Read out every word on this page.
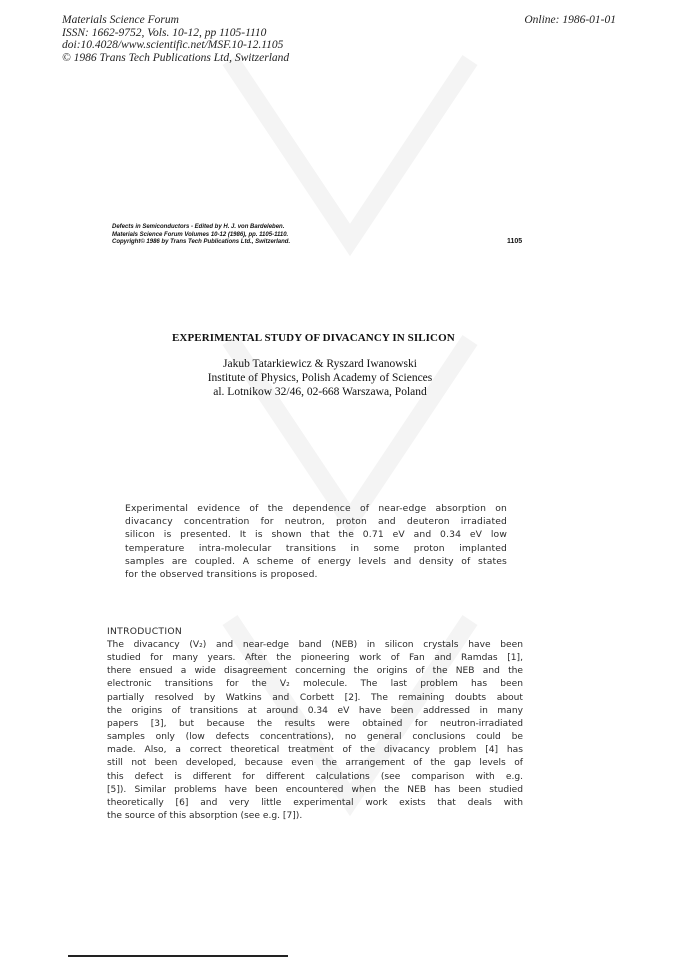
Materials Science Forum
ISSN: 1662-9752, Vols. 10-12, pp 1105-1110
doi:10.4028/www.scientific.net/MSF.10-12.1105
© 1986 Trans Tech Publications Ltd, Switzerland
Online: 1986-01-01
Defects in Semiconductors - Edited by H. J. von Bardeleben.
Materials Science Forum Volumes 10-12 (1986), pp. 1105-1110.
Copyright© 1986 by Trans Tech Publications Ltd., Switzerland.	1105
EXPERIMENTAL STUDY OF DIVACANCY IN SILICON
Jakub Tatarkiewicz & Ryszard Iwanowski
Institute of Physics, Polish Academy of Sciences
al. Lotnikow 32/46, 02-668 Warszawa, Poland
Experimental evidence of the dependence of near-edge absorption on
divacancy concentration for neutron, proton and deuteron irradiated
silicon is presented. It is shown that the 0.71 eV and 0.34 eV low
temperature intra-molecular transitions in some proton implanted
samples are coupled. A scheme of energy levels and density of states
for the observed transitions is proposed.
INTRODUCTION
The divacancy (V₂) and near-edge band (NEB) in silicon crystals have been
studied for many years. After the pioneering work of Fan and Ramdas [1],
there ensued a wide disagreement concerning the origins of the NEB and the
electronic transitions for the V₂ molecule. The last problem has been
partially resolved by Watkins and Corbett [2]. The remaining doubts about
the origins of transitions at around 0.34 eV have been addressed in many
papers [3], but because the results were obtained for neutron-irradiated
samples only (low defects concentrations), no general conclusions could be
made. Also, a correct theoretical treatment of the divacancy problem [4] has
still not been developed, because even the arrangement of the gap levels of
this defect is different for different calculations (see comparison with e.g.
[5]). Similar problems have been encountered when the NEB has been studied
theoretically [6] and very little experimental work exists that deals with
the source of this absorption (see e.g. [7]).
